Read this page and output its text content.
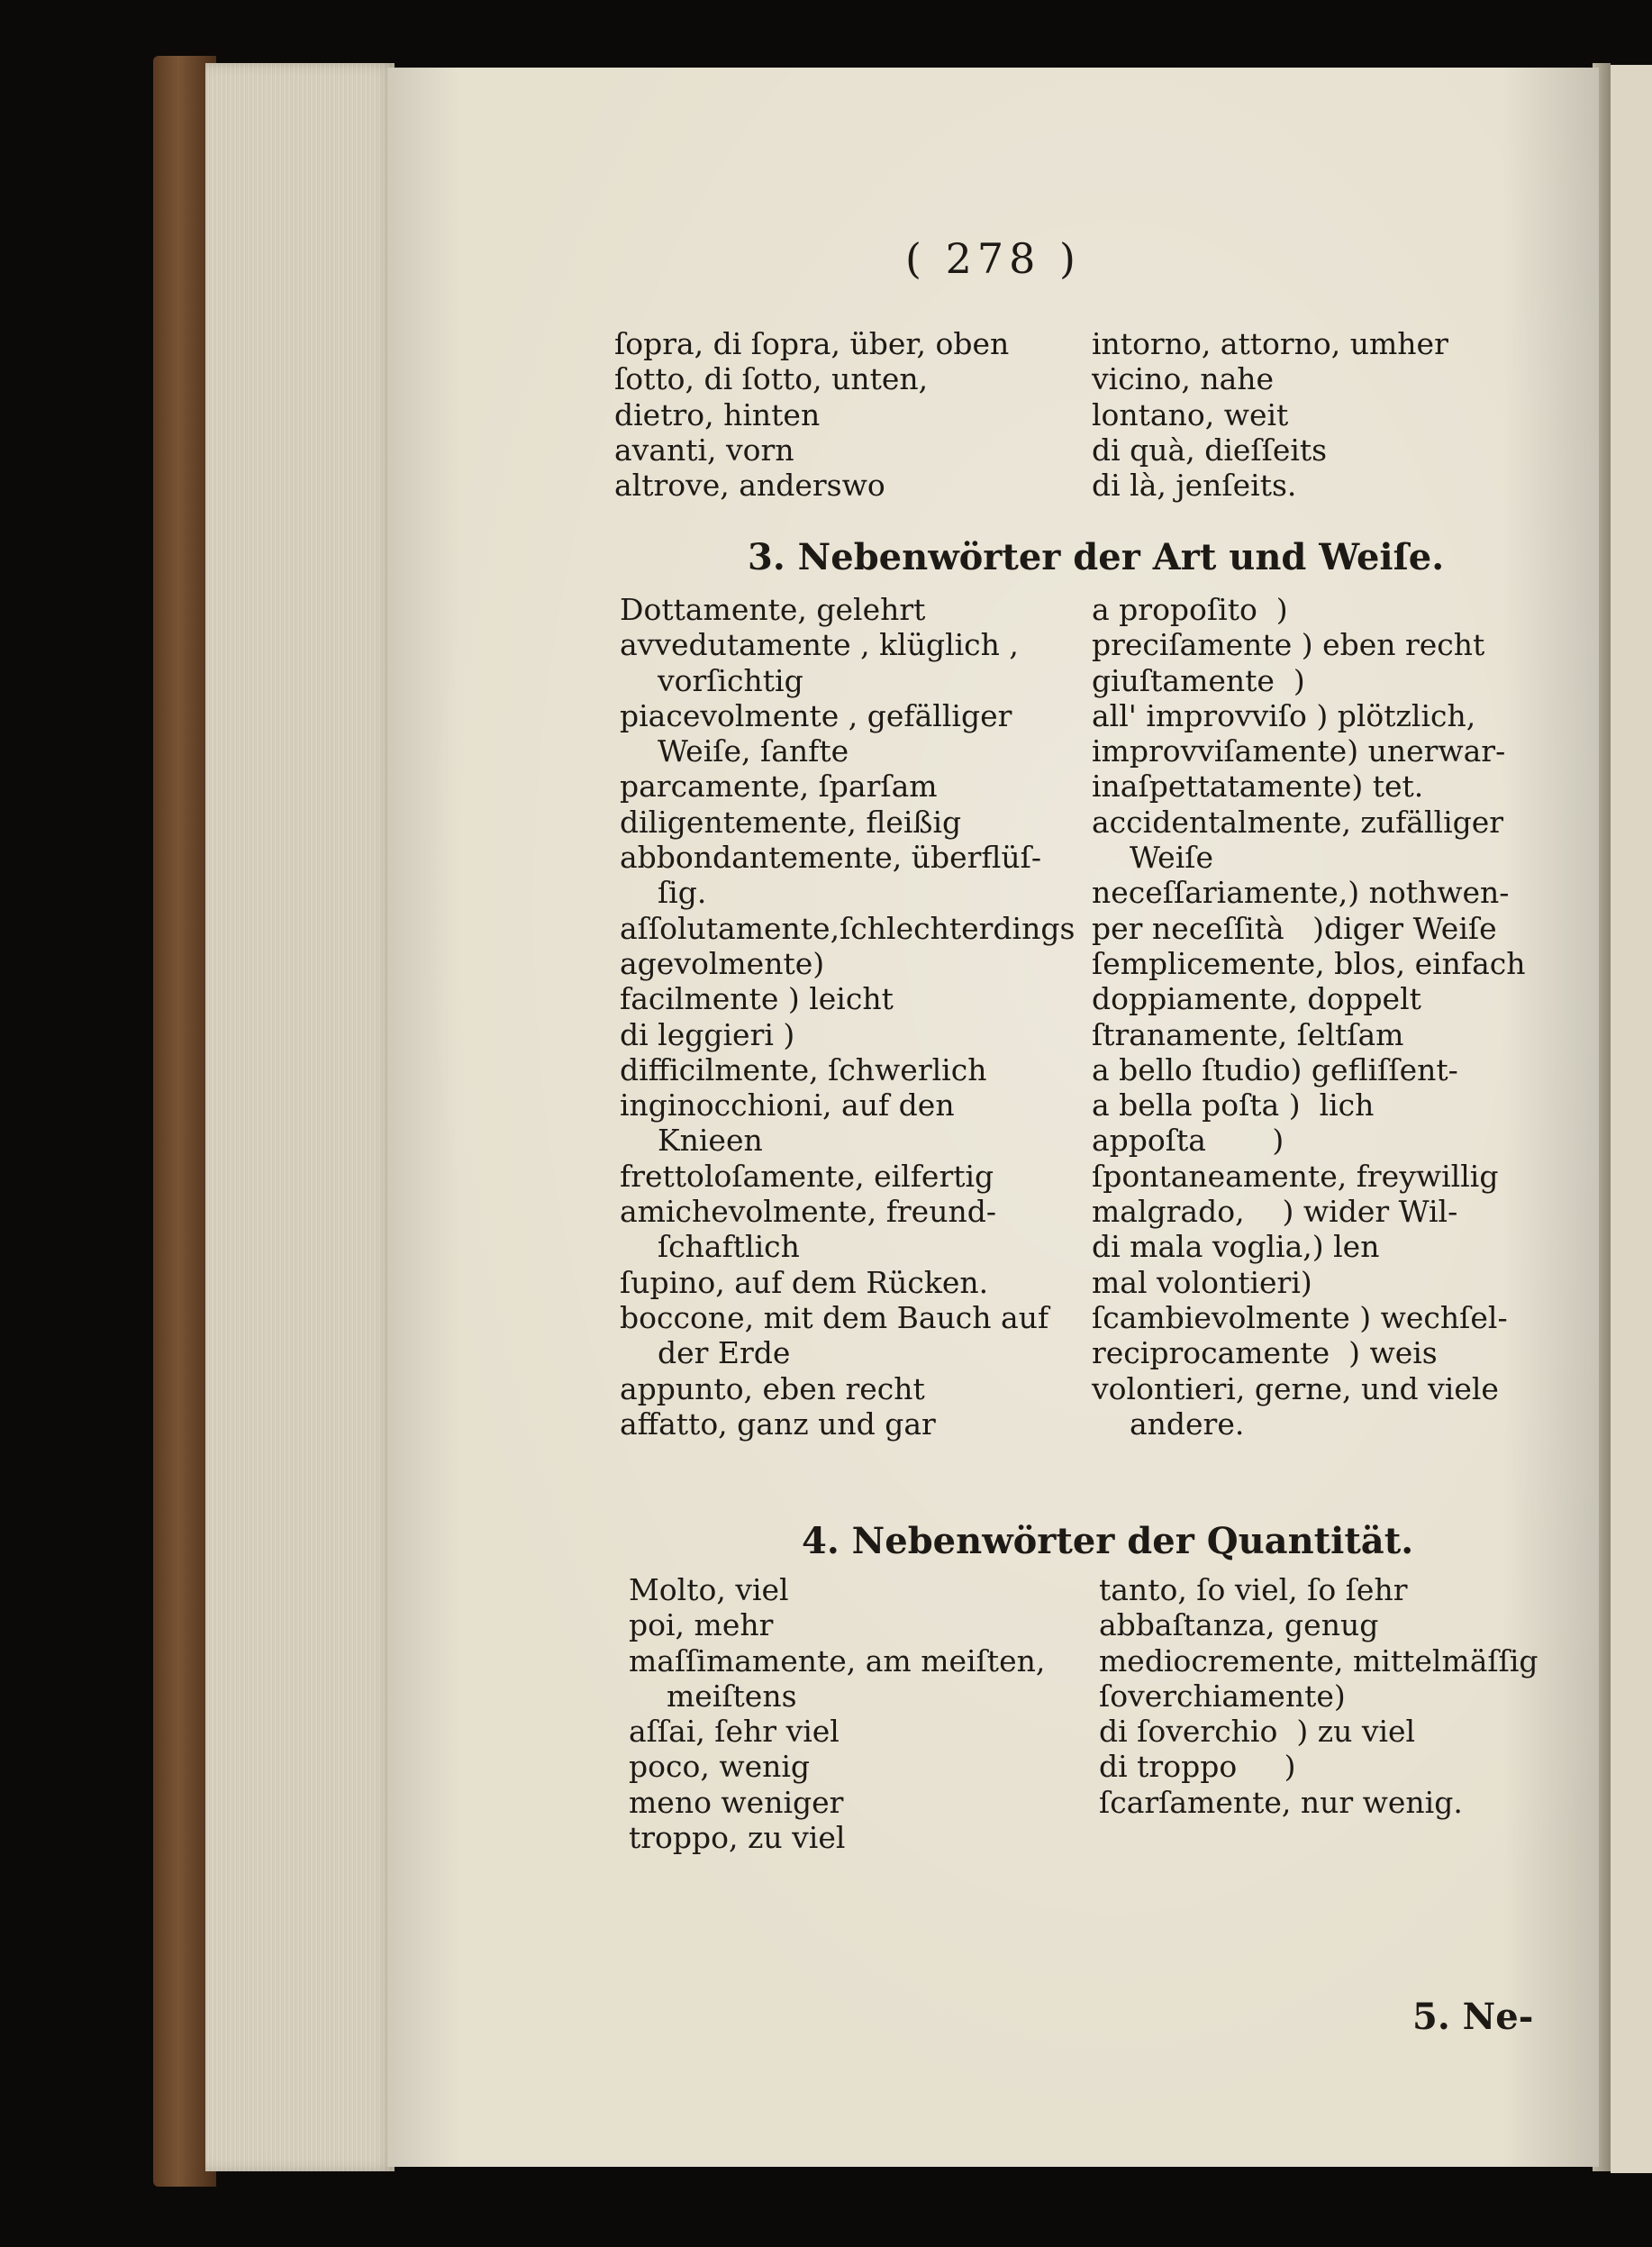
( 278 )
ſopra, di ſopra, über, oben
ſotto, di ſotto, unten,
dietro, hinten
avanti, vorn
altrove, anderswo
intorno, attorno, umher
vicino, nahe
lontano, weit
di quà, dieſſeits
di là, jenſeits.
3. Nebenwörter der Art und Weiſe.
Dottamente, gelehrt
avvedutamente , klüglich ,
vorſichtig
piacevolmente , gefälliger
Weiſe, ſanfte
parcamente, ſparſam
diligentemente, fleißig
abbondantemente, überflüſ-
ſig.
aſſolutamente,ſchlechterdings
agevolmente)
facilmente ) leicht
di leggieri )
difficilmente, ſchwerlich
inginocchioni, auf den
Knieen
frettoloſamente, eilfertig
amichevolmente, freund-
ſchaftlich
ſupino, auf dem Rücken.
boccone, mit dem Bauch auf
der Erde
appunto, eben recht
affatto, ganz und gar
a propoſito  )
preciſamente ) eben recht
giuſtamente  )
all' improvviſo ) plötzlich,
improvviſamente) unerwar-
inaſpettatamente) tet.
accidentalmente, zufälliger
Weiſe
neceſſariamente,) nothwen-
per neceſſità   )diger Weiſe
ſemplicemente, blos, einfach
doppiamente, doppelt
ſtranamente, ſeltſam
a bello ſtudio) gefliſſent-
a bella poſta )  lich
appoſta       )
ſpontaneamente, freywillig
malgrado,    ) wider Wil-
di mala voglia,) len
mal volontieri)
ſcambievolmente ) wechſel-
reciprocamente  ) weis
volontieri, gerne, und viele
andere.
4. Nebenwörter der Quantität.
Molto, viel
poi, mehr
maſſimamente, am meiſten,
meiſtens
aſſai, ſehr viel
poco, wenig
meno weniger
troppo, zu viel
tanto, ſo viel, ſo ſehr
abbaſtanza, genug
mediocremente, mittelmäſſig
ſoverchiamente)
di ſoverchio  ) zu viel
di troppo     )
ſcarſamente, nur wenig.
5. Ne-
